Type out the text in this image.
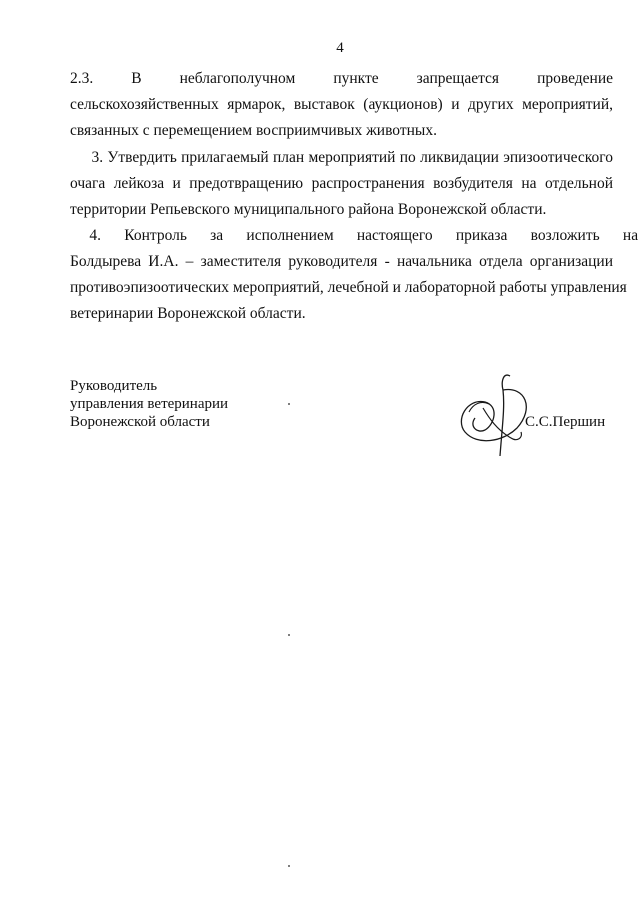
4

2.3. В неблагополучном пункте запрещается проведение
сельскохозяйственных ярмарок, выставок (аукционов) и других мероприятий,
связанных с перемещением восприимчивых животных.

3. Утвердить прилагаемый план мероприятий по ликвидации эпизоотического
очага лейкоза и предотвращению распространения возбудителя на отдельной
территории Репьевского муниципального района Воронежской области.

4.      Контроль      за      исполнением      настоящего      приказа      возложить      на
Болдырева И.А. – заместителя руководителя - начальника отдела организации
противоэпизоотических мероприятий, лечебной и лабораторной работы управления
ветеринарии Воронежской области.

Руководитель
управления ветеринарии
Воронежской области	С.С.Першин
